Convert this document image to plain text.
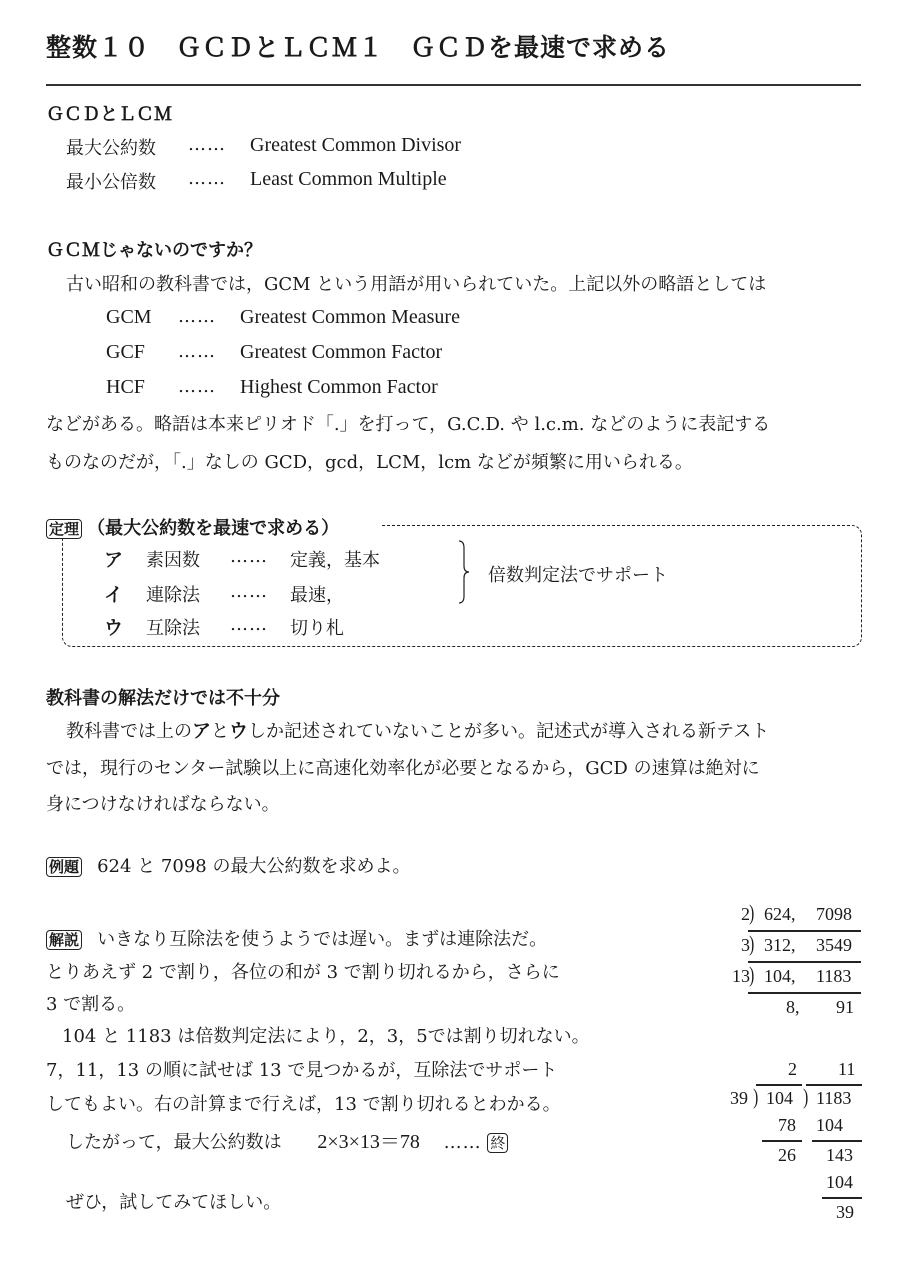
整数１０　ＧＣＤとＬＣＭ１　ＧＣＤを最速で求める
ＧＣＤとＬＣＭ
最大公約数 …… Greatest Common Divisor
最小公倍数 …… Least Common Multiple
ＧＣＭじゃないのですか？
古い昭和の教科書では，GCM という用語が用いられていた。上記以外の略語としては
GCM …… Greatest Common Measure
GCF …… Greatest Common Factor
HCF …… Highest Common Factor
などがある。略語は本来ピリオド「.」を打って，G.C.D. や l.c.m. などのように表記する
ものなのだが，「.」なしの GCD，gcd，LCM，lcm などが頻繁に用いられる。
定理 （最大公約数を最速で求める）
ア 素因数 …… 定義，基本
イ 連除法 …… 最速，
ウ 互除法 …… 切り札
倍数判定法でサポート
教科書の解法だけでは不十分
教科書では上のアとウしか記述されていないことが多い。記述式が導入される新テスト
では，現行のセンター試験以上に高速化効率化が必要となるから，GCD の速算は絶対に
身につけなければならない。
例題 624 と 7098 の最大公約数を求めよ。
解説 いきなり互除法を使うようでは遅い。まずは連除法だ。
とりあえず 2 で割り，各位の和が 3 で割り切れるから，さらに
3 で割る。
104 と 1183 は倍数判定法により，2，3，5では割り切れない。
7，11，13 の順に試せば 13 で見つかるが，互除法でサポート
してもよい。右の計算まで行えば，13 で割り切れるとわかる。
したがって，最大公約数は 2×3×13＝78 …… 終
ぜひ，試してみてほしい。
2 ) 624, 7098
3 ) 312, 3549
13 ) 104, 1183
8, 91
2 11
39 ) 104 ) 1183
78
26
104
143
104
39
